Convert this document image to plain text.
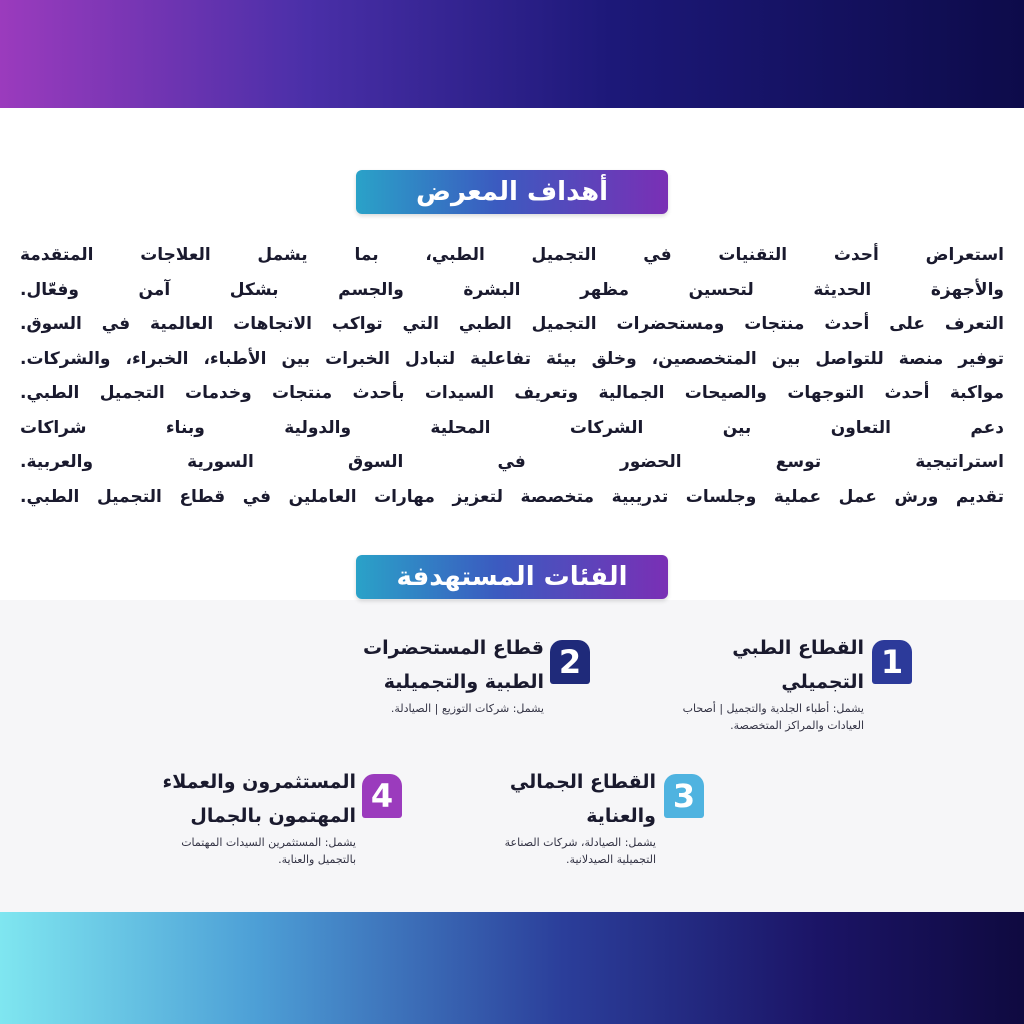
أهداف المعرض
استعراض أحدث التقنيات في التجميل الطبي، بما يشمل العلاجات المتقدمة
والأجهزة الحديثة لتحسين مظهر البشرة والجسم بشكل آمن وفعّال.
التعرف على أحدث منتجات ومستحضرات التجميل الطبي التي تواكب الاتجاهات العالمية في السوق.
توفير منصة للتواصل بين المتخصصين، وخلق بيئة تفاعلية لتبادل الخبرات بين الأطباء، الخبراء، والشركات.
مواكبة أحدث التوجهات والصيحات الجمالية وتعريف السيدات بأحدث منتجات وخدمات التجميل الطبي.
دعم التعاون بين الشركات المحلية والدولية وبناء شراكات
استراتيجية توسع الحضور في السوق السورية والعربية.
تقديم ورش عمل عملية وجلسات تدريبية متخصصة لتعزيز مهارات العاملين في قطاع التجميل الطبي.
الفئات المستهدفة
1
القطاع الطبي
التجميلي
يشمل: أطباء الجلدية والتجميل | أصحاب
العيادات والمراكز المتخصصة.
2
قطاع المستحضرات
الطبية والتجميلية
يشمل: شركات التوزيع | الصيادلة.
3
القطاع الجمالي
والعناية
يشمل: الصيادلة، شركات الصناعة
التجميلية الصيدلانية.
4
المستثمرون والعملاء
المهتمون بالجمال
يشمل: المستثمرين السيدات المهتمات
بالتجميل والعناية.
